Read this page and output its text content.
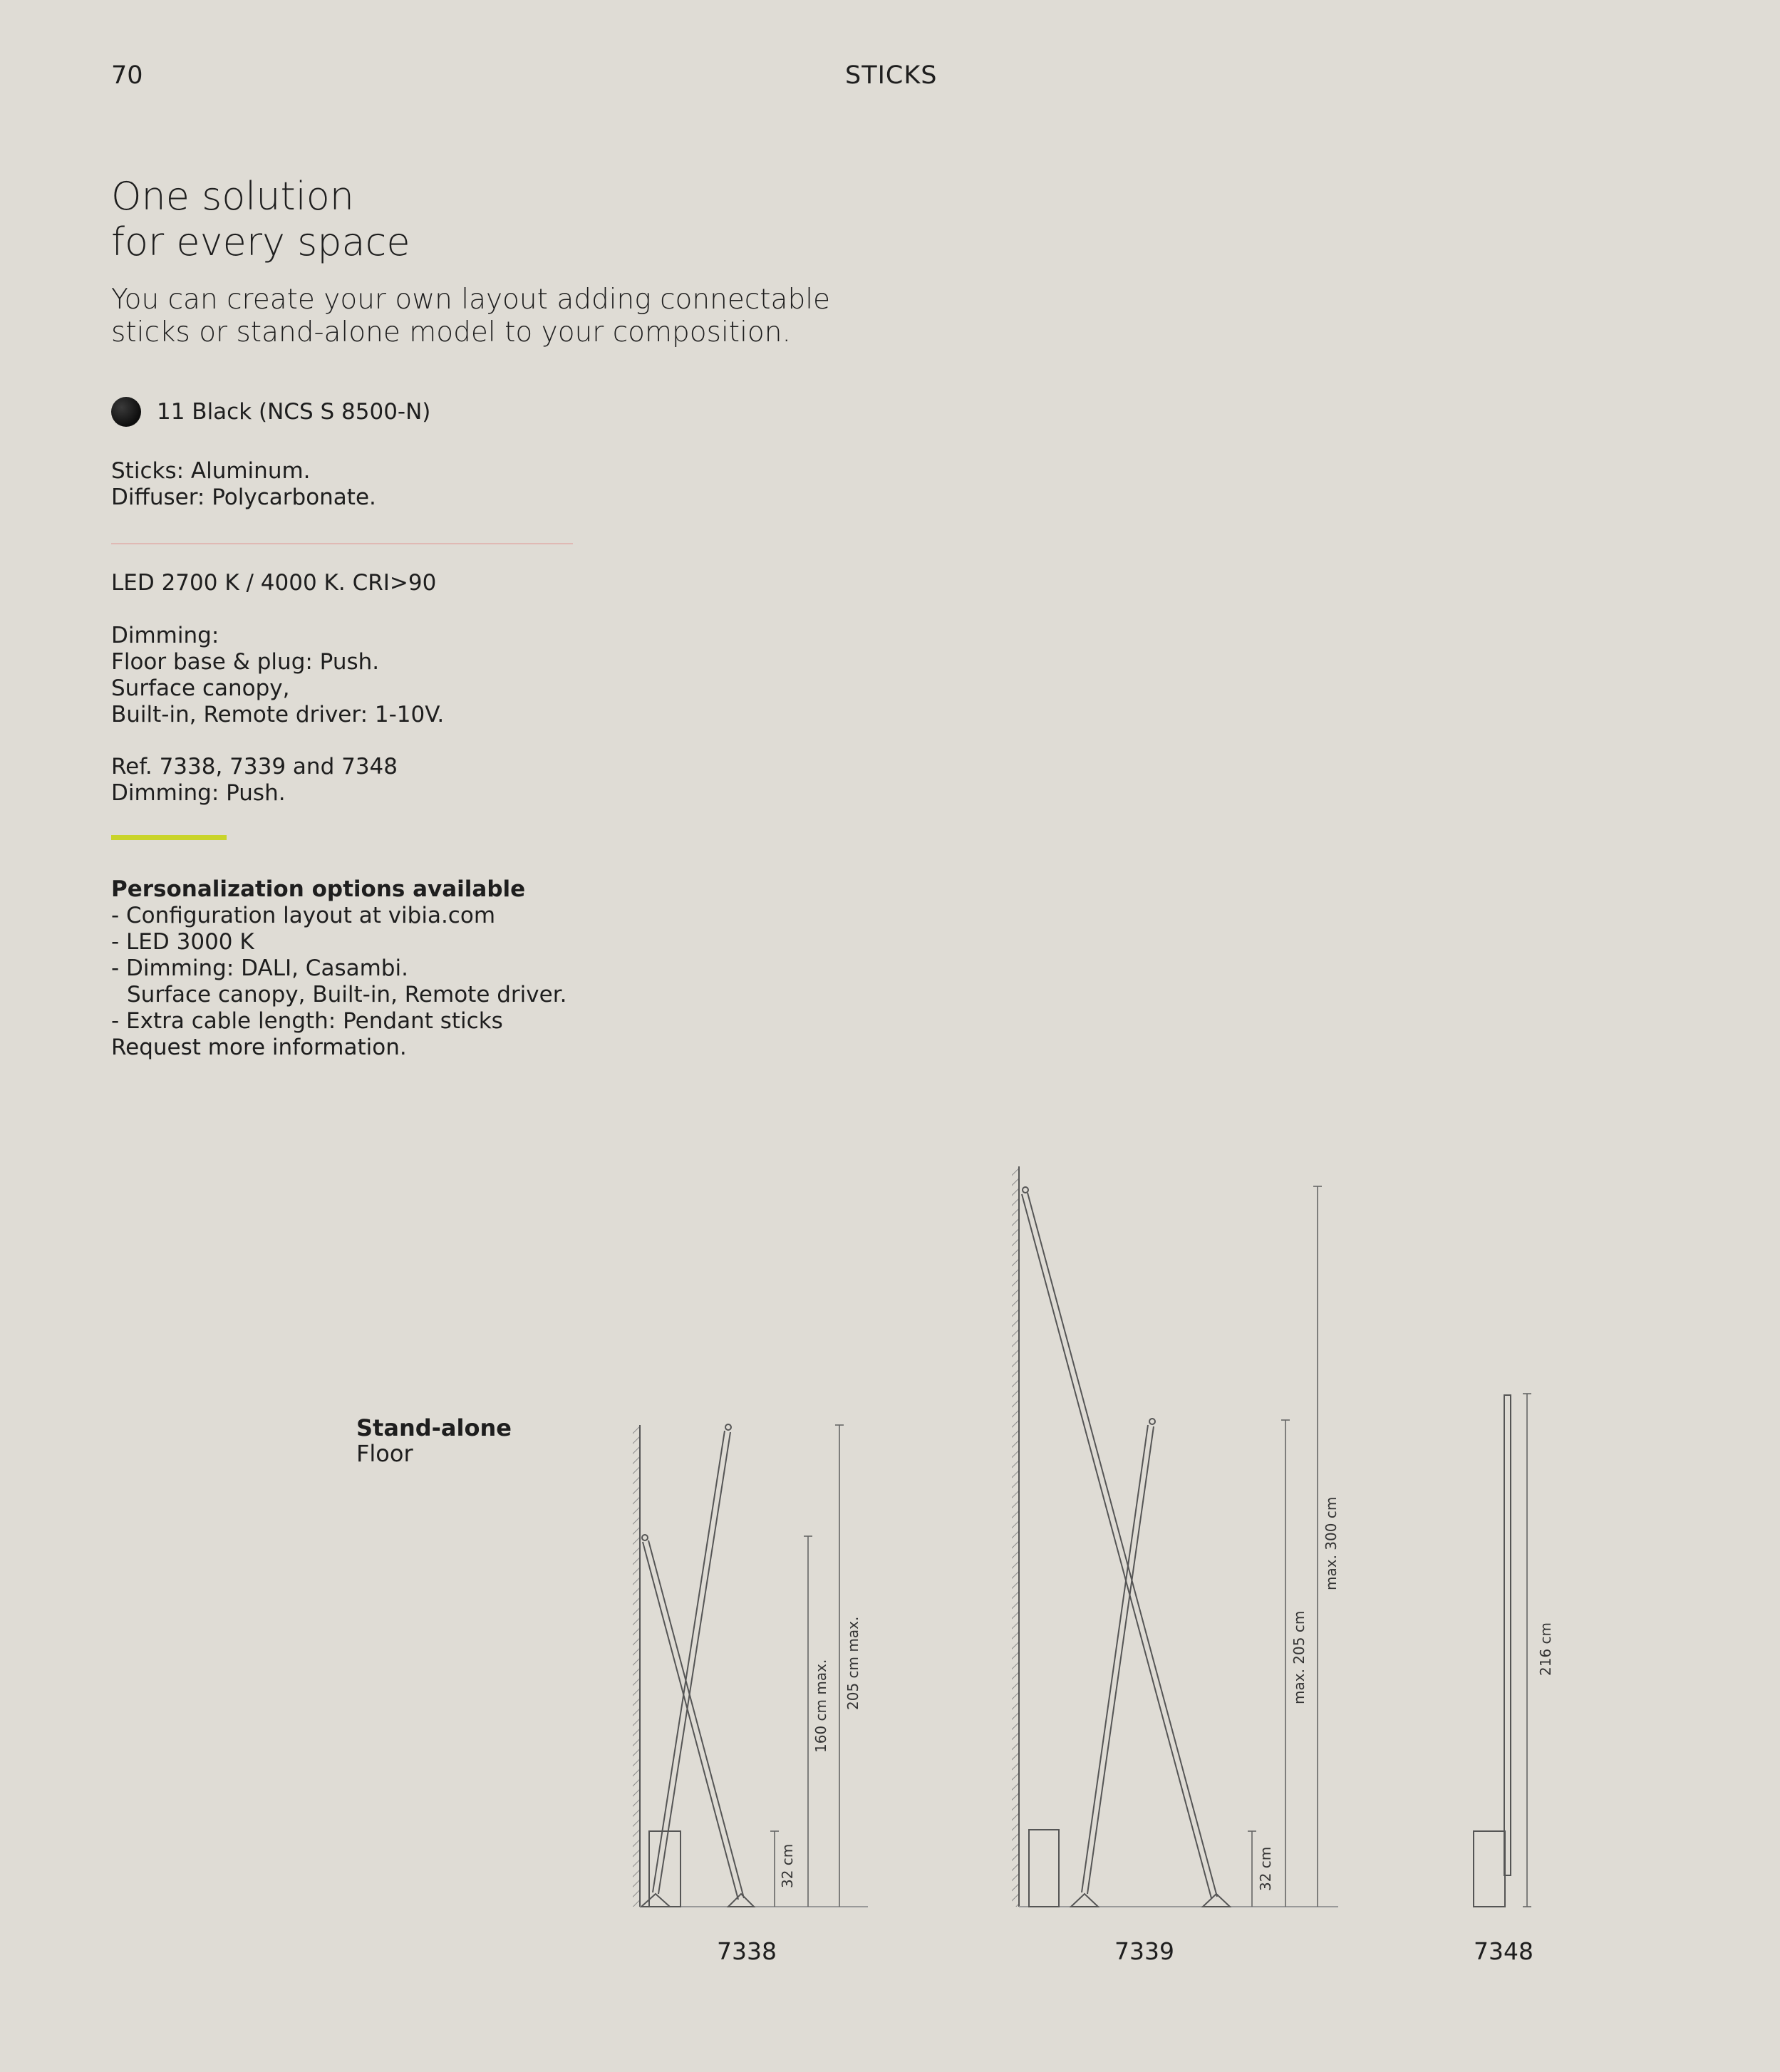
70	STICKS
One solution
for every space
You can create your own layout adding connectable
sticks or stand-alone model to your composition.
11 Black (NCS S 8500-N)
Sticks: Aluminum.
Diffuser: Polycarbonate.
LED 2700 K / 4000 K. CRI>90
Dimming:
Floor base & plug: Push.
Surface canopy,
Built-in, Remote driver: 1-10V.
Ref. 7338, 7339 and 7348
Dimming: Push.
Personalization options available
- Configuration layout at vibia.com
- LED 3000 K
- Dimming: DALI, Casambi.
Surface canopy, Built-in, Remote driver.
- Extra cable length: Pendant sticks
Request more information.
Stand-alone
Floor
32 cm
160 cm max. 205 cm max.
32 cm
max. 205 cm
max. 300 cm
216 cm
7338	7339	7348
